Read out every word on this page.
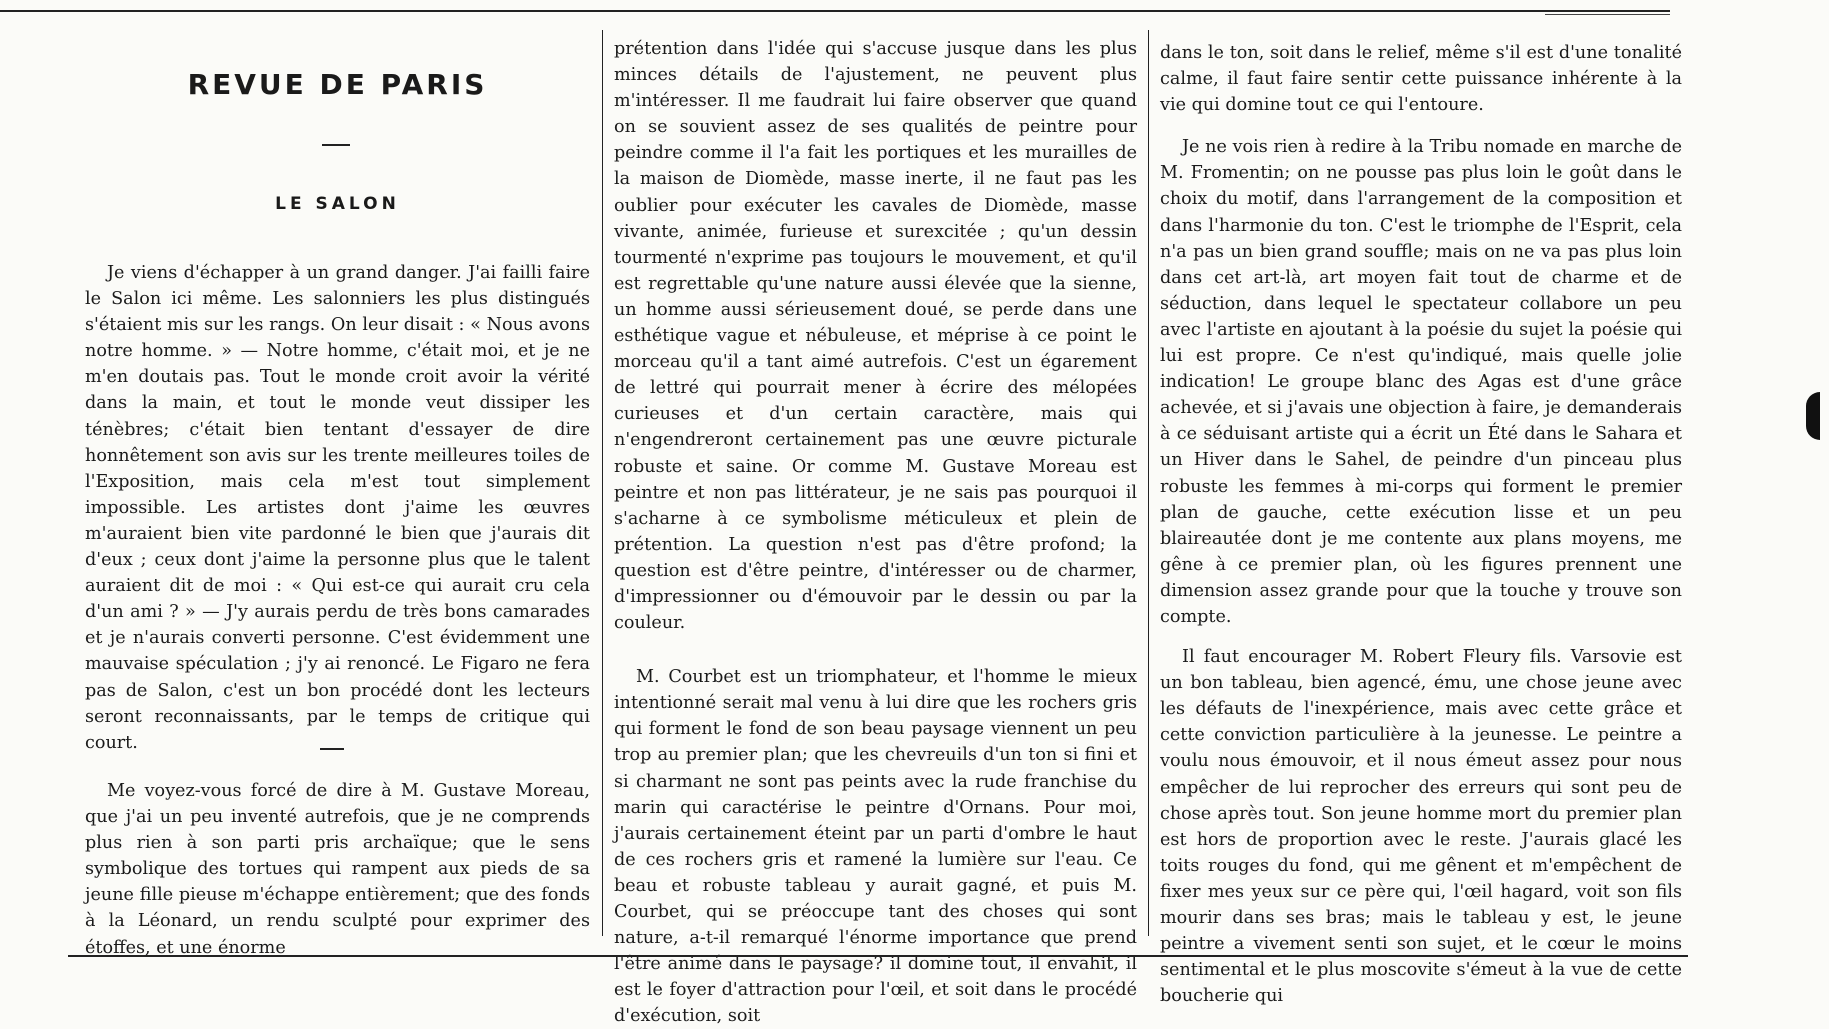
REVUE DE PARIS
LE SALON

Je viens d'échapper à un grand danger. J'ai failli faire le Salon ici même. Les salonniers les plus distingués s'étaient mis sur les rangs. On leur disait : « Nous avons notre homme. » — Notre homme, c'était moi, et je ne m'en doutais pas. Tout le monde croit avoir la vérité dans la main, et tout le monde veut dissiper les ténèbres; c'était bien tentant d'essayer de dire honnêtement son avis sur les trente meilleures toiles de l'Exposition, mais cela m'est tout simplement impossible. Les artistes dont j'aime les œuvres m'auraient bien vite pardonné le bien que j'aurais dit d'eux ; ceux dont j'aime la personne plus que le talent auraient dit de moi : « Qui est-ce qui aurait cru cela d'un ami ? » — J'y aurais perdu de très bons camarades et je n'aurais converti personne. C'est évidemment une mauvaise spéculation ; j'y ai renoncé. Le Figaro ne fera pas de Salon, c'est un bon procédé dont les lecteurs seront reconnaissants, par le temps de critique qui court.

Me voyez-vous forcé de dire à M. Gustave Moreau, que j'ai un peu inventé autrefois, que je ne comprends plus rien à son parti pris archaïque; que le sens symbolique des tortues qui rampent aux pieds de sa jeune fille pieuse m'échappe entièrement; que des fonds à la Léonard, un rendu sculpté pour exprimer des étoffes, et une énorme

prétention dans l'idée qui s'accuse jusque dans les plus minces détails de l'ajustement, ne peuvent plus m'intéresser. Il me faudrait lui faire observer que quand on se souvient assez de ses qualités de peintre pour peindre comme il l'a fait les portiques et les murailles de la maison de Diomède, masse inerte, il ne faut pas les oublier pour exécuter les cavales de Diomède, masse vivante, animée, furieuse et surexcitée ; qu'un dessin tourmenté n'exprime pas toujours le mouvement, et qu'il est regrettable qu'une nature aussi élevée que la sienne, un homme aussi sérieusement doué, se perde dans une esthétique vague et nébuleuse, et méprise à ce point le morceau qu'il a tant aimé autrefois. C'est un égarement de lettré qui pourrait mener à écrire des mélopées curieuses et d'un certain caractère, mais qui n'engendreront certainement pas une œuvre picturale robuste et saine. Or comme M. Gustave Moreau est peintre et non pas littérateur, je ne sais pas pourquoi il s'acharne à ce symbolisme méticuleux et plein de prétention. La question n'est pas d'être profond; la question est d'être peintre, d'intéresser ou de charmer, d'impressionner ou d'émouvoir par le dessin ou par la couleur.

M. Courbet est un triomphateur, et l'homme le mieux intentionné serait mal venu à lui dire que les rochers gris qui forment le fond de son beau paysage viennent un peu trop au premier plan; que les chevreuils d'un ton si fini et si charmant ne sont pas peints avec la rude franchise du marin qui caractérise le peintre d'Ornans. Pour moi, j'aurais certainement éteint par un parti d'ombre le haut de ces rochers gris et ramené la lumière sur l'eau. Ce beau et robuste tableau y aurait gagné, et puis M. Courbet, qui se préoccupe tant des choses qui sont nature, a-t-il remarqué l'énorme importance que prend l'être animé dans le paysage? il domine tout, il envahit, il est le foyer d'attraction pour l'œil, et soit dans le procédé d'exécution, soit

dans le ton, soit dans le relief, même s'il est d'une tonalité calme, il faut faire sentir cette puissance inhérente à la vie qui domine tout ce qui l'entoure.

Je ne vois rien à redire à la Tribu nomade en marche de M. Fromentin; on ne pousse pas plus loin le goût dans le choix du motif, dans l'arrangement de la composition et dans l'harmonie du ton. C'est le triomphe de l'Esprit, cela n'a pas un bien grand souffle; mais on ne va pas plus loin dans cet art-là, art moyen fait tout de charme et de séduction, dans lequel le spectateur collabore un peu avec l'artiste en ajoutant à la poésie du sujet la poésie qui lui est propre. Ce n'est qu'indiqué, mais quelle jolie indication! Le groupe blanc des Agas est d'une grâce achevée, et si j'avais une objection à faire, je demanderais à ce séduisant artiste qui a écrit un Été dans le Sahara et un Hiver dans le Sahel, de peindre d'un pinceau plus robuste les femmes à mi-corps qui forment le premier plan de gauche, cette exécution lisse et un peu blaireautée dont je me contente aux plans moyens, me gêne à ce premier plan, où les figures prennent une dimension assez grande pour que la touche y trouve son compte.

Il faut encourager M. Robert Fleury fils. Varsovie est un bon tableau, bien agencé, ému, une chose jeune avec les défauts de l'inexpérience, mais avec cette grâce et cette conviction particulière à la jeunesse. Le peintre a voulu nous émouvoir, et il nous émeut assez pour nous empêcher de lui reprocher des erreurs qui sont peu de chose après tout. Son jeune homme mort du premier plan est hors de proportion avec le reste. J'aurais glacé les toits rouges du fond, qui me gênent et m'empêchent de fixer mes yeux sur ce père qui, l'œil hagard, voit son fils mourir dans ses bras; mais le tableau y est, le jeune peintre a vivement senti son sujet, et le cœur le moins sentimental et le plus moscovite s'émeut à la vue de cette boucherie qui
